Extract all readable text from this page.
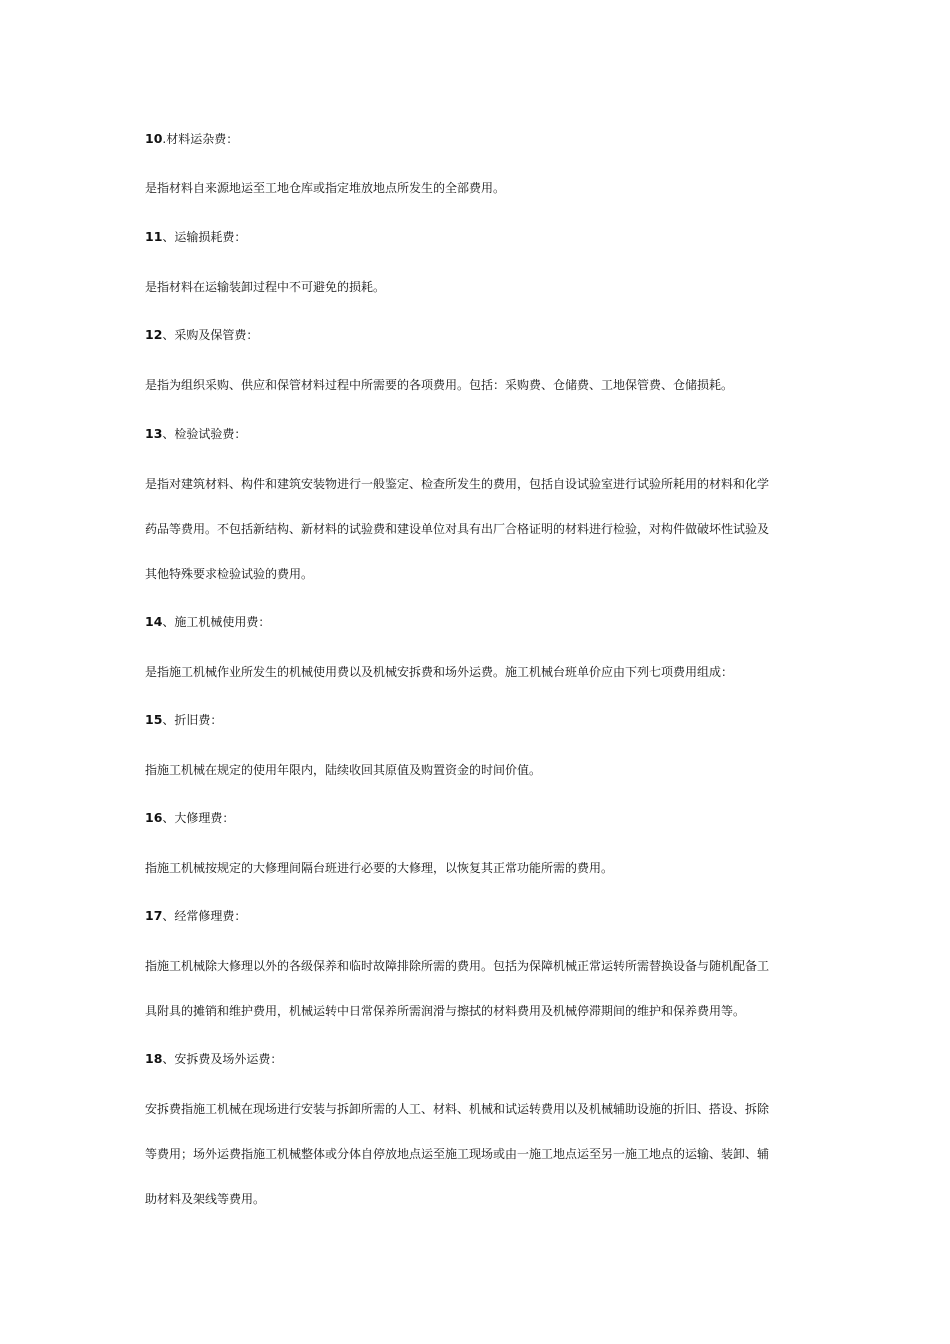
10.材料运杂费：

是指材料自来源地运至工地仓库或指定堆放地点所发生的全部费用。

11、运输损耗费：

是指材料在运输装卸过程中不可避免的损耗。

12、采购及保管费：

是指为组织采购、供应和保管材料过程中所需要的各项费用。包括：采购费、仓储费、工地保管费、仓储损耗。

13、检验试验费：

是指对建筑材料、构件和建筑安装物进行一般鉴定、检查所发生的费用，包括自设试验室进行试验所耗用的材料和化学
药品等费用。不包括新结构、新材料的试验费和建设单位对具有出厂合格证明的材料进行检验，对构件做破坏性试验及
其他特殊要求检验试验的费用。

14、施工机械使用费：

是指施工机械作业所发生的机械使用费以及机械安拆费和场外运费。施工机械台班单价应由下列七项费用组成：

15、折旧费：

指施工机械在规定的使用年限内，陆续收回其原值及购置资金的时间价值。

16、大修理费：

指施工机械按规定的大修理间隔台班进行必要的大修理，以恢复其正常功能所需的费用。

17、经常修理费：

指施工机械除大修理以外的各级保养和临时故障排除所需的费用。包括为保障机械正常运转所需替换设备与随机配备工
具附具的摊销和维护费用，机械运转中日常保养所需润滑与擦拭的材料费用及机械停滞期间的维护和保养费用等。

18、安拆费及场外运费：

安拆费指施工机械在现场进行安装与拆卸所需的人工、材料、机械和试运转费用以及机械辅助设施的折旧、搭设、拆除
等费用；场外运费指施工机械整体或分体自停放地点运至施工现场或由一施工地点运至另一施工地点的运输、装卸、辅
助材料及架线等费用。
